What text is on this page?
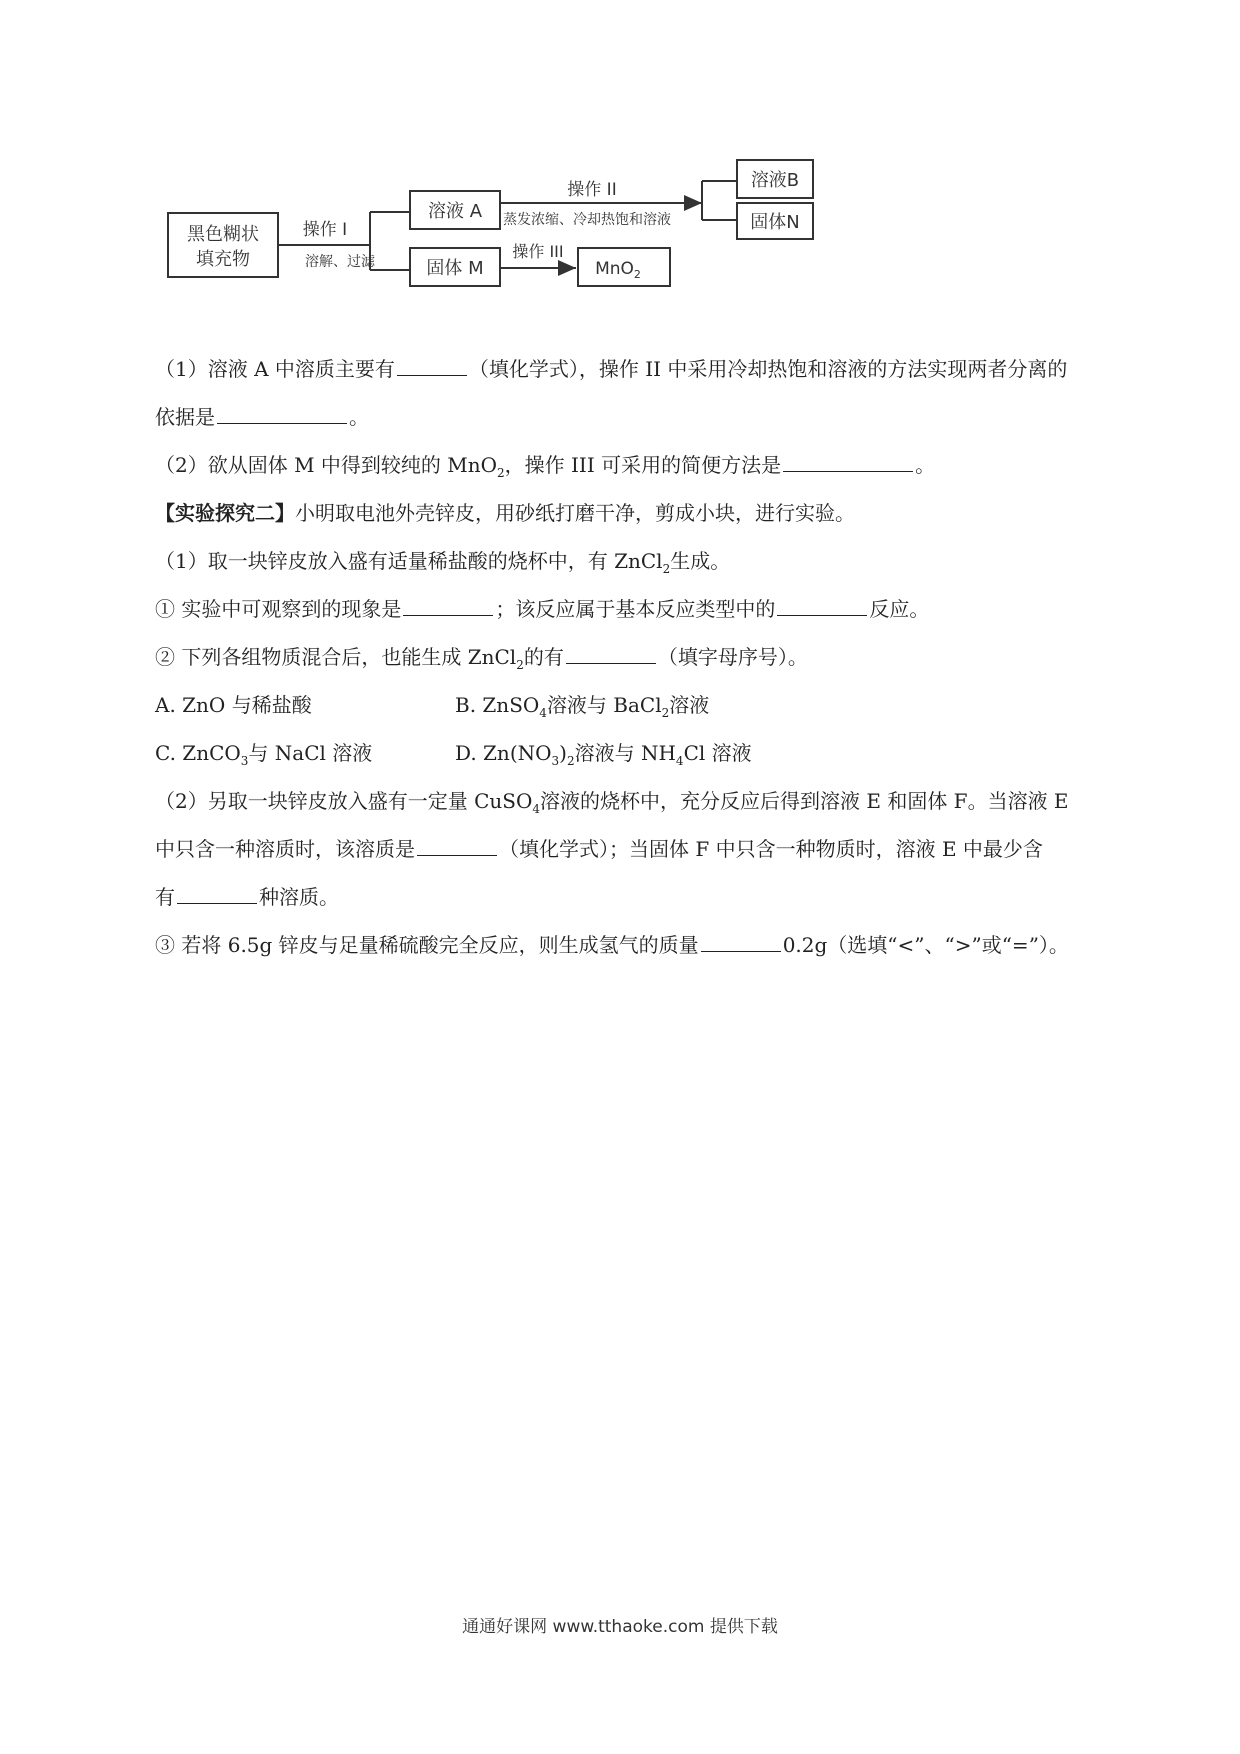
黑色糊状
填充物
操作 I
溶解、过滤
溶液 A
固体 M
操作 II
蒸发浓缩、冷却热饱和溶液
溶液B
固体N
操作 III
MnO$_2$
（1）溶液 A 中溶质主要有	（填化学式），操作 II 中采用冷却热饱和溶液的方法实现两者分离的
依据是	。
（2）欲从固体 M 中得到较纯的 MnO$_2$，操作 III 可采用的简便方法是	。
【实验探究二】小明取电池外壳锌皮，用砂纸打磨干净，剪成小块，进行实验。
（1）取一块锌皮放入盛有适量稀盐酸的烧杯中，有 ZnCl$_2$生成。
① 实验中可观察到的现象是	；该反应属于基本反应类型中的	反应。
② 下列各组物质混合后，也能生成 ZnCl$_2$的有	（填字母序号）。
A. ZnO 与稀盐酸	B. ZnSO$_4$溶液与 BaCl$_2$溶液
C. ZnCO$_3$与 NaCl 溶液	D. $Zn(NO_3)_2$溶液与 $NH_4Cl$ 溶液
（2）另取一块锌皮放入盛有一定量 CuSO$_4$溶液的烧杯中，充分反应后得到溶液 E 和固体 F。当溶液 E
中只含一种溶质时，该溶质是	（填化学式）；当固体 F 中只含一种物质时，溶液 E 中最少含
有	种溶质。
③ 若将 6.5g 锌皮与足量稀硫酸完全反应，则生成氢气的质量	0.2g（选填“<”、“>”或“=”）。
通通好课网 www.tthaoke.com 提供下载
